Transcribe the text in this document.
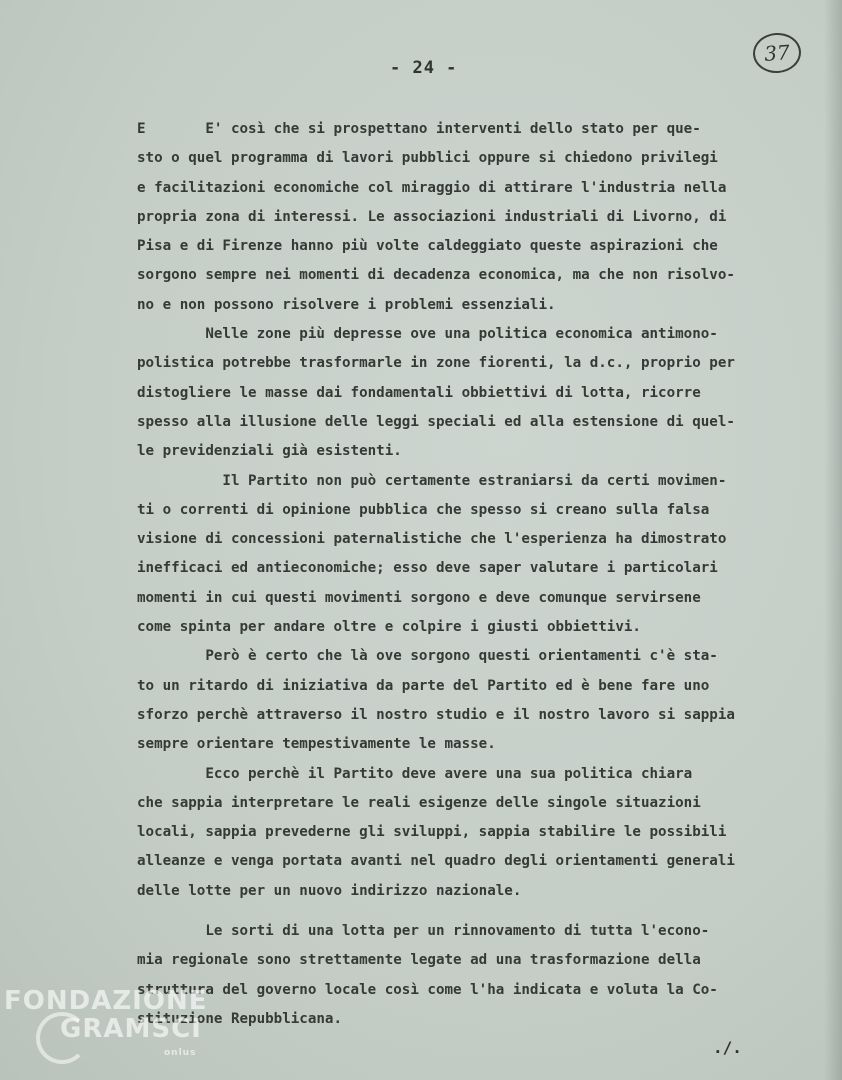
- 24 -
37
E       E' così che si prospettano interventi dello stato per que-
sto o quel programma di lavori pubblici oppure si chiedono privilegi
e facilitazioni economiche col miraggio di attirare l'industria nella
propria zona di interessi. Le associazioni industriali di Livorno, di
Pisa e di Firenze hanno più volte caldeggiato queste aspirazioni che
sorgono sempre nei momenti di decadenza economica, ma che non risolvo-
no e non possono risolvere i problemi essenziali.
Nelle zone più depresse ove una politica economica antimono-
polistica potrebbe trasformarle in zone fiorenti, la d.c., proprio per
distogliere le masse dai fondamentali obbiettivi di lotta, ricorre
spesso alla illusione delle leggi speciali ed alla estensione di quel-
le previdenziali già esistenti.
Il Partito non può certamente estraniarsi da certi movimen-
ti o correnti di opinione pubblica che spesso si creano sulla falsa
visione di concessioni paternalistiche che l'esperienza ha dimostrato
inefficaci ed antieconomiche; esso deve saper valutare i particolari
momenti in cui questi movimenti sorgono e deve comunque servirsene
come spinta per andare oltre e colpire i giusti obbiettivi.
Però è certo che là ove sorgono questi orientamenti c'è sta-
to un ritardo di iniziativa da parte del Partito ed è bene fare uno
sforzo perchè attraverso il nostro studio e il nostro lavoro si sappia
sempre orientare tempestivamente le masse.
Ecco perchè il Partito deve avere una sua politica chiara
che sappia interpretare le reali esigenze delle singole situazioni
locali, sappia prevederne gli sviluppi, sappia stabilire le possibili
alleanze e venga portata avanti nel quadro degli orientamenti generali
delle lotte per un nuovo indirizzo nazionale.
Le sorti di una lotta per un rinnovamento di tutta l'econo-
mia regionale sono strettamente legate ad una trasformazione della
struttura del governo locale così come l'ha indicata e voluta la Co-
stituzione Repubblicana.
./.
FONDAZIONE
GRAMSCI
onlus
